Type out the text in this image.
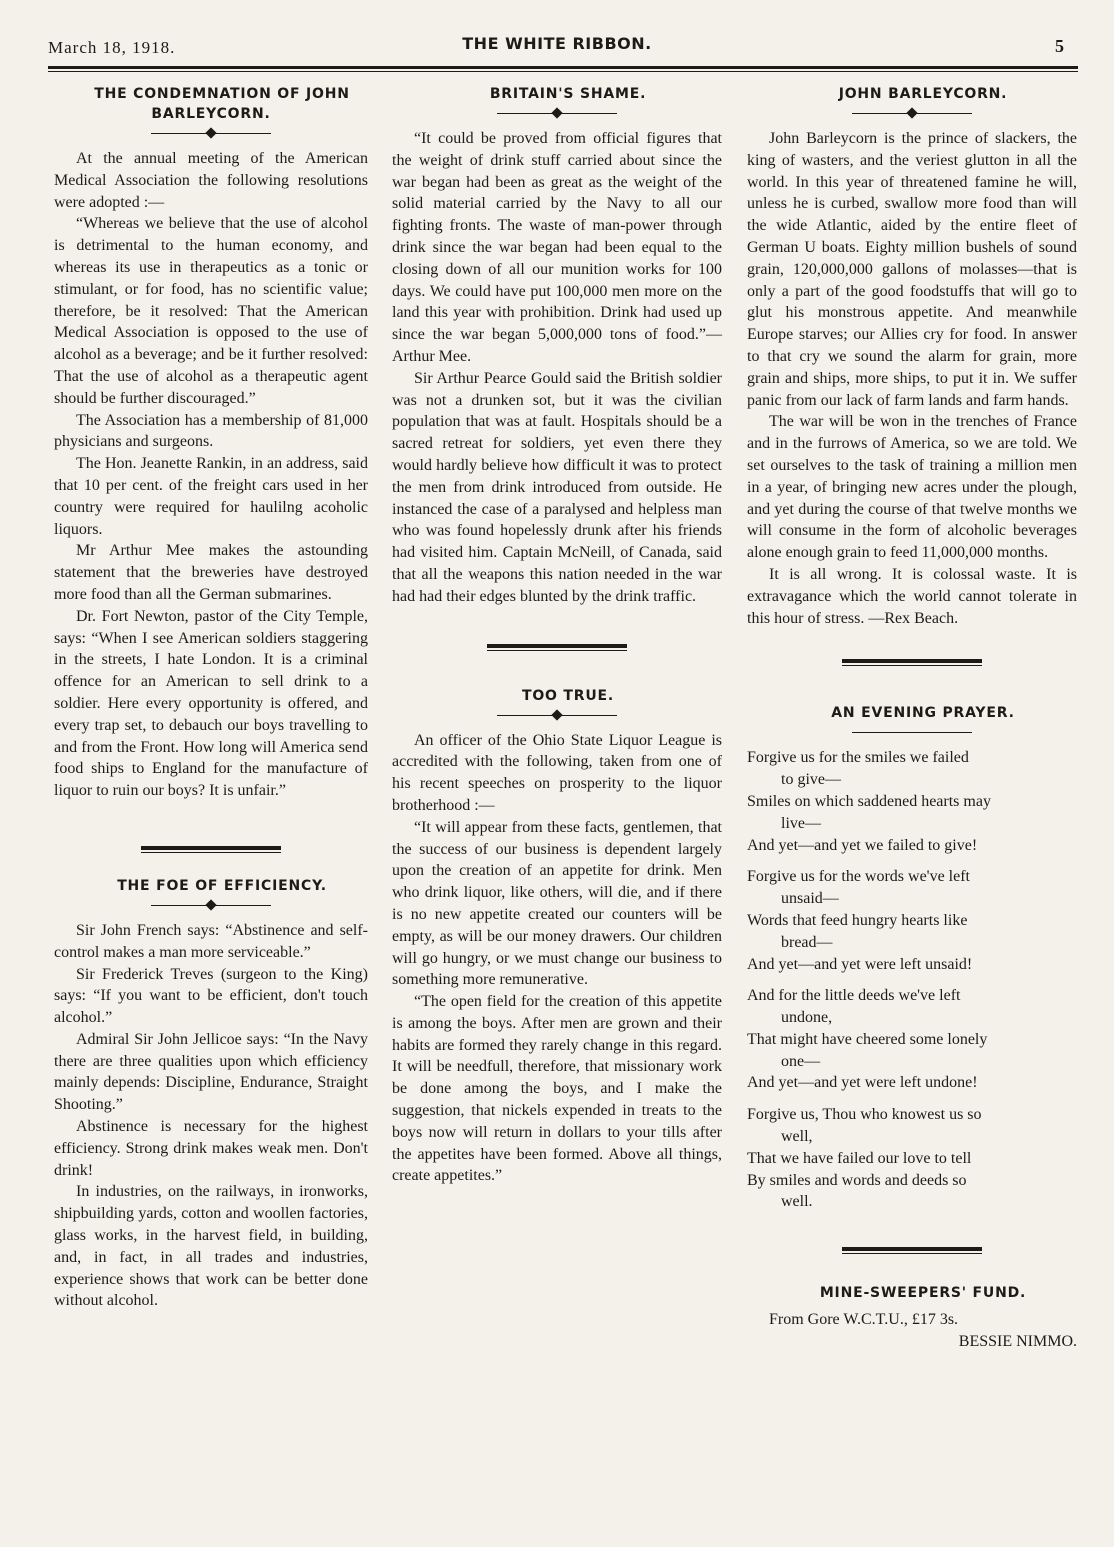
March 18, 1918.	THE WHITE RIBBON.	5

THE CONDEMNATION OF JOHN BARLEYCORN.

At the annual meeting of the American Medical Association the following resolutions were adopted :—

“Whereas we believe that the use of alcohol is detrimental to the human economy, and whereas its use in therapeutics as a tonic or stimulant, or for food, has no scientific value; therefore, be it resolved: That the American Medical Association is opposed to the use of alcohol as a beverage; and be it further resolved: That the use of alcohol as a therapeutic agent should be further discouraged.”

The Association has a membership of 81,000 physicians and surgeons.

The Hon. Jeanette Rankin, in an address, said that 10 per cent. of the freight cars used in her country were required for haulilng acoholic liquors.

Mr Arthur Mee makes the astounding statement that the breweries have destroyed more food than all the German submarines.

Dr. Fort Newton, pastor of the City Temple, says: “When I see American soldiers staggering in the streets, I hate London. It is a criminal offence for an American to sell drink to a soldier. Here every opportunity is offered, and every trap set, to debauch our boys travelling to and from the Front. How long will America send food ships to England for the manufacture of liquor to ruin our boys? It is unfair.”

THE FOE OF EFFICIENCY.

Sir John French says: “Abstinence and self-control makes a man more serviceable.”

Sir Frederick Treves (surgeon to the King) says: “If you want to be efficient, don't touch alcohol.”

Admiral Sir John Jellicoe says: “In the Navy there are three qualities upon which efficiency mainly depends: Discipline, Endurance, Straight Shooting.”

Abstinence is necessary for the highest efficiency. Strong drink makes weak men. Don't drink!

In industries, on the railways, in ironworks, shipbuilding yards, cotton and woollen factories, glass works, in the harvest field, in building, and, in fact, in all trades and industries, experience shows that work can be better done without alcohol.

BRITAIN'S SHAME.

“It could be proved from official figures that the weight of drink stuff carried about since the war began had been as great as the weight of the solid material carried by the Navy to all our fighting fronts. The waste of man-power through drink since the war began had been equal to the closing down of all our munition works for 100 days. We could have put 100,000 men more on the land this year with prohibition. Drink had used up since the war began 5,000,000 tons of food.”—Arthur Mee.

Sir Arthur Pearce Gould said the British soldier was not a drunken sot, but it was the civilian population that was at fault. Hospitals should be a sacred retreat for soldiers, yet even there they would hardly believe how difficult it was to protect the men from drink introduced from outside. He instanced the case of a paralysed and helpless man who was found hopelessly drunk after his friends had visited him. Captain McNeill, of Canada, said that all the weapons this nation needed in the war had had their edges blunted by the drink traffic.

TOO TRUE.

An officer of the Ohio State Liquor League is accredited with the following, taken from one of his recent speeches on prosperity to the liquor brotherhood :—

“It will appear from these facts, gentlemen, that the success of our business is dependent largely upon the creation of an appetite for drink. Men who drink liquor, like others, will die, and if there is no new appetite created our counters will be empty, as will be our money drawers. Our children will go hungry, or we must change our business to something more remunerative.

“The open field for the creation of this appetite is among the boys. After men are grown and their habits are formed they rarely change in this regard. It will be needfull, therefore, that missionary work be done among the boys, and I make the suggestion, that nickels expended in treats to the boys now will return in dollars to your tills after the appetites have been formed. Above all things, create appetites.”

JOHN BARLEYCORN.

John Barleycorn is the prince of slackers, the king of wasters, and the veriest glutton in all the world. In this year of threatened famine he will, unless he is curbed, swallow more food than will the wide Atlantic, aided by the entire fleet of German U boats. Eighty million bushels of sound grain, 120,000,000 gallons of molasses—that is only a part of the good foodstuffs that will go to glut his monstrous appetite. And meanwhile Europe starves; our Allies cry for food. In answer to that cry we sound the alarm for grain, more grain and ships, more ships, to put it in. We suffer panic from our lack of farm lands and farm hands.

The war will be won in the trenches of France and in the furrows of America, so we are told. We set ourselves to the task of training a million men in a year, of bringing new acres under the plough, and yet during the course of that twelve months we will consume in the form of alcoholic beverages alone enough grain to feed 11,000,000 months.

It is all wrong. It is colossal waste. It is extravagance which the world cannot tolerate in this hour of stress. —Rex Beach.

AN EVENING PRAYER.

Forgive us for the smiles we failed
to give—
Smiles on which saddened hearts may
live—
And yet—and yet we failed to give!
Forgive us for the words we've left
unsaid—
Words that feed hungry hearts like
bread—
And yet—and yet were left unsaid!
And for the little deeds we've left
undone,
That might have cheered some lonely
one—
And yet—and yet were left undone!
Forgive us, Thou who knowest us so
well,
That we have failed our love to tell
By smiles and words and deeds so
well.

MINE-SWEEPERS' FUND.

From Gore W.C.T.U., £17 3s.

BESSIE NIMMO.
